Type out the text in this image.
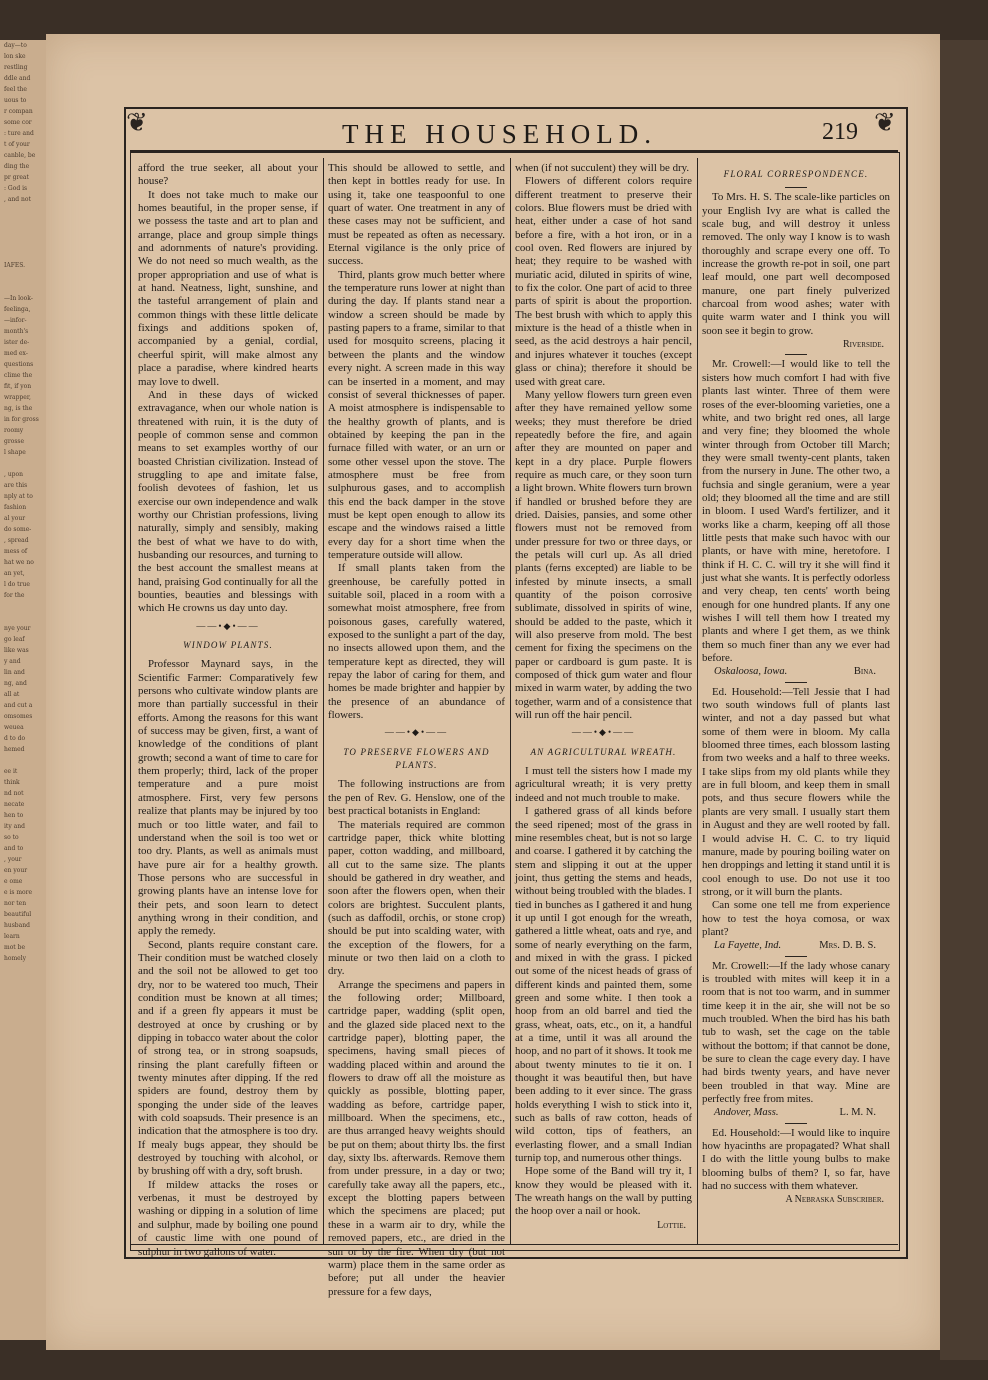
day—to
lon ske
restling
ddle and
feel the
uous to
r compan
some cor
: ture and
t of your
canble, be
ding the
pr great
: God is
, and not

IAFES.

—In look-
feelinga,
—infor-
month's
ister de-
med ex-
questions
clime the
fit, if yon
wrapper,
ng, is the
in for gross
roomy
grosse
l shape

, upon
are this
nply at to
fashion
al your
do some-
, spread
mess of
hat we no
an yet,
l do true
for the

nye your
go leaf
like was
y and
lin and
ng, and
all at
and cut a
omsomes
weuea
d to do
hemed

ee it
think
nd not
necate
hen to
ity and
so to
and to
, your
en your
e ome
e is more
nor ten
beautiful
husband
learn
mot be
homely
❦	❦
THE HOUSEHOLD.	219

afford the true seeker, all about your house?

It does not take much to make our homes beautiful, in the proper sense, if we possess the taste and art to plan and arrange, place and group simple things and adornments of nature's providing. We do not need so much wealth, as the proper appropriation and use of what is at hand. Neatness, light, sunshine, and the tasteful arrangement of plain and common things with these little delicate fixings and additions spoken of, accompanied by a genial, cordial, cheerful spirit, will make almost any place a paradise, where kindred hearts may love to dwell.

And in these days of wicked extravagance, when our whole nation is threatened with ruin, it is the duty of people of common sense and common means to set examples worthy of our boasted Christian civilization. Instead of struggling to ape and imitate false, foolish devotees of fashion, let us exercise our own independence and walk worthy our Christian professions, living naturally, simply and sensibly, making the best of what we have to do with, husbanding our resources, and turning to the best account the smallest means at hand, praising God continually for all the bounties, beauties and blessings with which He crowns us day unto day.

——•◆•——
WINDOW PLANTS.

Professor Maynard says, in the Scientific Farmer: Comparatively few persons who cultivate window plants are more than partially successful in their efforts. Among the reasons for this want of success may be given, first, a want of knowledge of the conditions of plant growth; second a want of time to care for them properly; third, lack of the proper temperature and a pure moist atmosphere. First, very few persons realize that plants may be injured by too much or too little water, and fail to understand when the soil is too wet or too dry. Plants, as well as animals must have pure air for a healthy growth. Those persons who are successful in growing plants have an intense love for their pets, and soon learn to detect anything wrong in their condition, and apply the remedy.

Second, plants require constant care. Their condition must be watched closely and the soil not be allowed to get too dry, nor to be watered too much, Their condition must be known at all times; and if a green fly appears it must be destroyed at once by crushing or by dipping in tobacco water about the color of strong tea, or in strong soapsuds, rinsing the plant carefully fifteen or twenty minutes after dipping. If the red spiders are found, destroy them by sponging the under side of the leaves with cold soapsuds. Their presence is an indication that the atmosphere is too dry. If mealy bugs appear, they should be destroyed by touching with alcohol, or by brushing off with a dry, soft brush.

If mildew attacks the roses or verbenas, it must be destroyed by washing or dipping in a solution of lime and sulphur, made by boiling one pound of caustic lime with one pound of sulphur in two gallons of water.

This should be allowed to settle, and then kept in bottles ready for use. In using it, take one teaspoonful to one quart of water. One treatment in any of these cases may not be sufficient, and must be repeated as often as necessary. Eternal vigilance is the only price of success.

Third, plants grow much better where the temperature runs lower at night than during the day. If plants stand near a window a screen should be made by pasting papers to a frame, similar to that used for mosquito screens, placing it between the plants and the window every night. A screen made in this way can be inserted in a moment, and may consist of several thicknesses of paper. A moist atmosphere is indispensable to the healthy growth of plants, and is obtained by keeping the pan in the furnace filled with water, or an urn or some other vessel upon the stove. The atmosphere must be free from sulphurous gases, and to accomplish this end the back damper in the stove must be kept open enough to allow its escape and the windows raised a little every day for a short time when the temperature outside will allow.

If small plants taken from the greenhouse, be carefully potted in suitable soil, placed in a room with a somewhat moist atmosphere, free from poisonous gases, carefully watered, exposed to the sunlight a part of the day, no insects allowed upon them, and the temperature kept as directed, they will repay the labor of caring for them, and homes be made brighter and happier by the presence of an abundance of flowers.

——•◆•——
TO PRESERVE FLOWERS AND PLANTS.

The following instructions are from the pen of Rev. G. Henslow, one of the best practical botanists in England:

The materials required are common cartridge paper, thick white blotting paper, cotton wadding, and millboard, all cut to the same size. The plants should be gathered in dry weather, and soon after the flowers open, when their colors are brightest. Succulent plants, (such as daffodil, orchis, or stone crop) should be put into scalding water, with the exception of the flowers, for a minute or two then laid on a cloth to dry.

Arrange the specimens and papers in the following order; Millboard, cartridge paper, wadding (split open, and the glazed side placed next to the cartridge paper), blotting paper, the specimens, having small pieces of wadding placed within and around the flowers to draw off all the moisture as quickly as possible, blotting paper, wadding as before, cartridge paper, millboard. When the specimens, etc., are thus arranged heavy weights should be put on them; about thirty lbs. the first day, sixty lbs. afterwards. Remove them from under pressure, in a day or two; carefully take away all the papers, etc., except the blotting papers between which the specimens are placed; put these in a warm air to dry, while the removed papers, etc., are dried in the sun or by the fire. When dry (but not warm) place them in the same order as before; put all under the heavier pressure for a few days,

when (if not succulent) they will be dry.

Flowers of different colors require different treatment to preserve their colors. Blue flowers must be dried with heat, either under a case of hot sand before a fire, with a hot iron, or in a cool oven. Red flowers are injured by heat; they require to be washed with muriatic acid, diluted in spirits of wine, to fix the color. One part of acid to three parts of spirit is about the proportion. The best brush with which to apply this mixture is the head of a thistle when in seed, as the acid destroys a hair pencil, and injures whatever it touches (except glass or china); therefore it should be used with great care.

Many yellow flowers turn green even after they have remained yellow some weeks; they must therefore be dried repeatedly before the fire, and again after they are mounted on paper and kept in a dry place. Purple flowers require as much care, or they soon turn a light brown. White flowers turn brown if handled or brushed before they are dried. Daisies, pansies, and some other flowers must not be removed from under pressure for two or three days, or the petals will curl up. As all dried plants (ferns excepted) are liable to be infested by minute insects, a small quantity of the poison corrosive sublimate, dissolved in spirits of wine, should be added to the paste, which it will also preserve from mold. The best cement for fixing the specimens on the paper or cardboard is gum paste. It is composed of thick gum water and flour mixed in warm water, by adding the two together, warm and of a consistence that will run off the hair pencil.

——•◆•——
AN AGRICULTURAL WREATH.

I must tell the sisters how I made my agricultural wreath; it is very pretty indeed and not much trouble to make.

I gathered grass of all kinds before the seed ripened; most of the grass in mine resembles cheat, but is not so large and coarse. I gathered it by catching the stem and slipping it out at the upper joint, thus getting the stems and heads, without being troubled with the blades. I tied in bunches as I gathered it and hung it up until I got enough for the wreath, gathered a little wheat, oats and rye, and some of nearly everything on the farm, and mixed in with the grass. I picked out some of the nicest heads of grass of different kinds and painted them, some green and some white. I then took a hoop from an old barrel and tied the grass, wheat, oats, etc., on it, a handful at a time, until it was all around the hoop, and no part of it shows. It took me about twenty minutes to tie it on. I thought it was beautiful then, but have been adding to it ever since. The grass holds everything I wish to stick into it, such as balls of raw cotton, heads of wild cotton, tips of feathers, an everlasting flower, and a small Indian turnip top, and numerous other things.

Hope some of the Band will try it, I know they would be pleased with it. The wreath hangs on the wall by putting the hoop over a nail or hook.

Lottie.
FLORAL CORRESPONDENCE.

To Mrs. H. S. The scale-like particles on your English Ivy are what is called the scale bug, and will destroy it unless removed. The only way I know is to wash thoroughly and scrape every one off. To increase the growth re-pot in soil, one part leaf mould, one part well decomposed manure, one part finely pulverized charcoal from wood ashes; water with quite warm water and I think you will soon see it begin to grow.

Riverside.

Mr. Crowell:—I would like to tell the sisters how much comfort I had with five plants last winter. Three of them were roses of the ever-blooming varieties, one a white, and two bright red ones, all large and very fine; they bloomed the whole winter through from October till March; they were small twenty-cent plants, taken from the nursery in June. The other two, a fuchsia and single geranium, were a year old; they bloomed all the time and are still in bloom. I used Ward's fertilizer, and it works like a charm, keeping off all those little pests that make such havoc with our plants, or have with mine, heretofore. I think if H. C. C. will try it she will find it just what she wants. It is perfectly odorless and very cheap, ten cents' worth being enough for one hundred plants. If any one wishes I will tell them how I treated my plants and where I get them, as we think them so much finer than any we ever had before.

Oskaloosa, Iowa.	Bina.

Ed. Household:—Tell Jessie that I had two south windows full of plants last winter, and not a day passed but what some of them were in bloom. My calla bloomed three times, each blossom lasting from two weeks and a half to three weeks. I take slips from my old plants while they are in full bloom, and keep them in small pots, and thus secure flowers while the plants are very small. I usually start them in August and they are well rooted by fall. I would advise H. C. C. to try liquid manure, made by pouring boiling water on hen droppings and letting it stand until it is cool enough to use. Do not use it too strong, or it will burn the plants.

Can some one tell me from experience how to test the hoya comosa, or wax plant?

La Fayette, Ind.	Mrs. D. B. S.

Mr. Crowell:—If the lady whose canary is troubled with mites will keep it in a room that is not too warm, and in summer time keep it in the air, she will not be so much troubled. When the bird has his bath tub to wash, set the cage on the table without the bottom; if that cannot be done, be sure to clean the cage every day. I have had birds twenty years, and have never been troubled in that way. Mine are perfectly free from mites.

Andover, Mass.	L. M. N.

Ed. Household:—I would like to inquire how hyacinths are propagated? What shall I do with the little young bulbs to make blooming bulbs of them? I, so far, have had no success with them whatever.

A Nebraska Subscriber.
